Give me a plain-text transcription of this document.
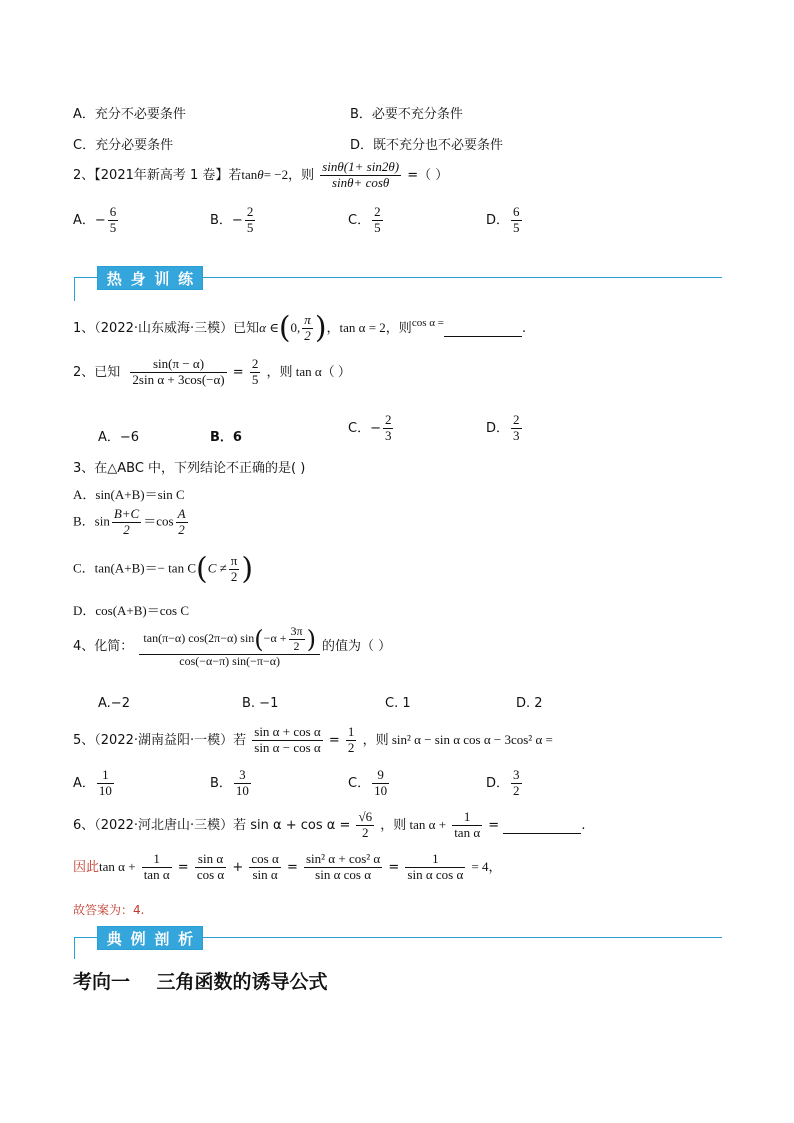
A．充分不必要条件	B．必要不充分条件
C．充分必要条件	D．既不充分也不必要条件
2、【2021年新高考 1 卷】若tanθ= −2，则 $\frac{\sin\theta(1+ \sin 2\theta)}{\sin\theta+ \cos\theta}$ =（ ）
A．− $\frac{6}{5}$	B．− $\frac{2}{5}$	C． $\frac{2}{5}$	D． $\frac{6}{5}$
热 身 训 练
1、（2022·山东威海·三模）已知α ∈(0, $\frac{\pi}{2}$ )，tan α = 2，则$^{cos \alpha =}$	.
2、已知 $\frac{\sin(\pi - \alpha)}{\text{2sin α + 3cos(−α)}} = \frac{2}{5}$ ，则 tan α（ ）
A．−6	B．6
C．− $\frac{2}{3}$	D． $\frac{2}{3}$
3、在△ABC 中，下列结论不正确的是( )
A．sin(A+B)＝sin C
B．$\sin \frac{B+C}{2} =\cos \frac{A}{2}$
C．$\tan(A+B)=- \tan C(C \ne \frac{\pi}{2}$ )
D．cos(A+B)＝cos C
4、化简： $\frac{\tan(\pi-\alpha) \cos(2\pi-\alpha) \sin(-\alpha + \frac{3\pi}{2} )}{\cos(-\alpha-\pi) \sin(-\pi-\alpha)}$ 的值为（ ）
A.−2	B. −1	C. 1	D. 2
5、（2022·湖南益阳·一模）若 $\frac{\text{sin α + cos α}}{\text{sin α − cos α}} = \frac{1}{2}$ ，则 sin² α − sin α cos α − 3cos² α =
A． $\frac{1}{10}$	B． $\frac{3}{10}$	C． $\frac{9}{10}$	D． $\frac{3}{2}$
6、（2022·河北唐山·三模）若 $\sin \alpha + \cos \alpha = \frac{√6}{2}$ ，则 $\tan \alpha + \frac{1}{\text{tan α}}$ =	.
因此$\tan \alpha + \frac{1}{\text{tan α}} = \frac{\text{sin α}}{\text{cos α}} + \frac{\text{cos α}}{\text{sin α}} = \frac{\text{sin² α + cos² α}}{\text{sin α cos α}} = \frac{1}{\text{sin α cos α}} = 4$，
故答案为：4.
典 例 剖 析
考向一    三角函数的诱导公式
